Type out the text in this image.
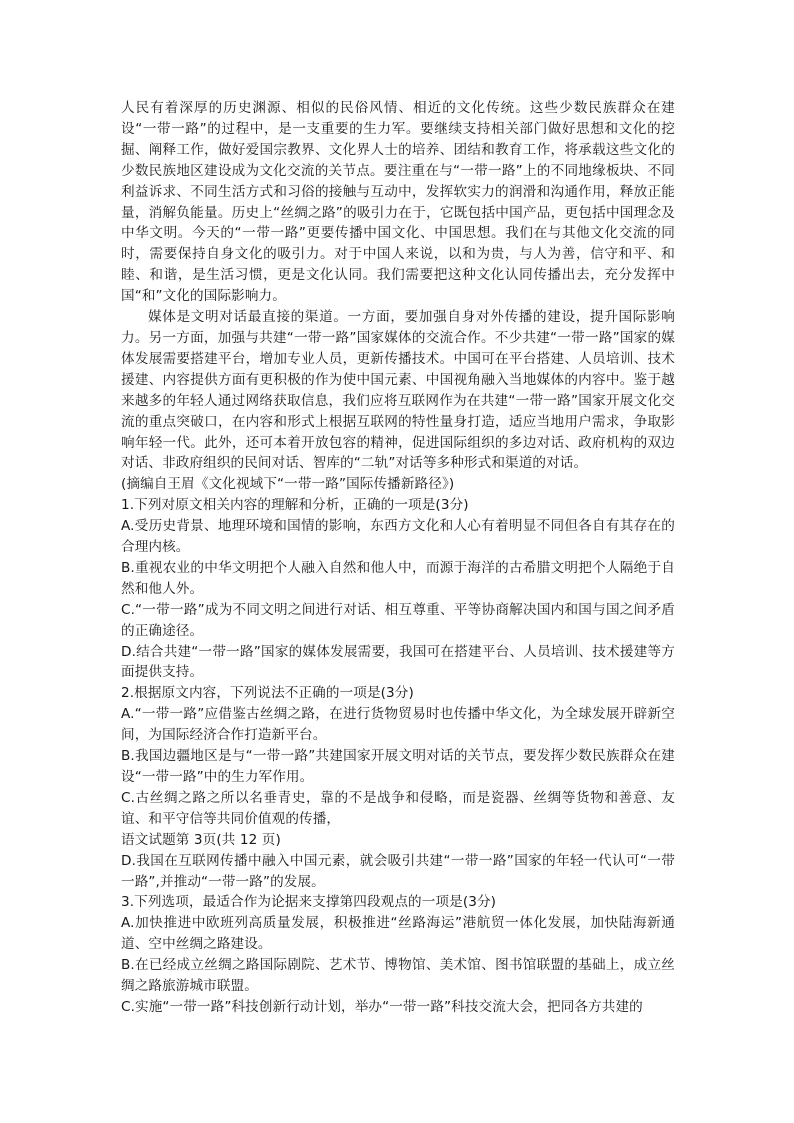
人民有着深厚的历史渊源、相似的民俗风情、相近的文化传统。这些少数民族群众在建设“一带一路”的过程中，是一支重要的生力军。要继续支持相关部门做好思想和文化的挖掘、阐释工作，做好爱国宗教界、文化界人士的培养、团结和教育工作，将承载这些文化的少数民族地区建设成为文化交流的关节点。要注重在与“一带一路”上的不同地缘板块、不同利益诉求、不同生活方式和习俗的接触与互动中，发挥软实力的润滑和沟通作用，释放正能量，消解负能量。历史上“丝绸之路”的吸引力在于，它既包括中国产品，更包括中国理念及中华文明。今天的“一带一路”更要传播中国文化、中国思想。我们在与其他文化交流的同时，需要保持自身文化的吸引力。对于中国人来说，以和为贵，与人为善，信守和平、和睦、和谐，是生活习惯，更是文化认同。我们需要把这种文化认同传播出去，充分发挥中国“和”文化的国际影响力。

媒体是文明对话最直接的渠道。一方面，要加强自身对外传播的建设，提升国际影响力。另一方面，加强与共建“一带一路”国家媒体的交流合作。不少共建“一带一路”国家的媒体发展需要搭建平台，增加专业人员，更新传播技术。中国可在平台搭建、人员培训、技术援建、内容提供方面有更积极的作为使中国元素、中国视角融入当地媒体的内容中。鉴于越来越多的年轻人通过网络获取信息，我们应将互联网作为在共建“一带一路”国家开展文化交流的重点突破口，在内容和形式上根据互联网的特性量身打造，适应当地用户需求，争取影响年轻一代。此外，还可本着开放包容的精神，促进国际组织的多边对话、政府机构的双边对话、非政府组织的民间对话、智库的“二轨”对话等多种形式和渠道的对话。

(摘编自王眉《文化视域下“一带一路”国际传播新路径》)

1.下列对原文相关内容的理解和分析，正确的一项是(3分)

A.受历史背景、地理环境和国情的影响，东西方文化和人心有着明显不同但各自有其存在的合理内核。

B.重视农业的中华文明把个人融入自然和他人中，而源于海洋的古希腊文明把个人隔绝于自然和他人外。

C.“一带一路”成为不同文明之间进行对话、相互尊重、平等协商解决国内和国与国之间矛盾的正确途径。

D.结合共建“一带一路”国家的媒体发展需要，我国可在搭建平台、人员培训、技术援建等方面提供支持。

2.根据原文内容，下列说法不正确的一项是(3分)

A.“一带一路”应借鉴古丝绸之路，在进行货物贸易时也传播中华文化，为全球发展开辟新空间，为国际经济合作打造新平台。

B.我国边疆地区是与“一带一路”共建国家开展文明对话的关节点，要发挥少数民族群众在建设“一带一路”中的生力军作用。

C.古丝绸之路之所以名垂青史，靠的不是战争和侵略，而是瓷器、丝绸等货物和善意、友谊、和平守信等共同价值观的传播，

语文试题第 3页(共 12 页)

D.我国在互联网传播中融入中国元素，就会吸引共建“一带一路”国家的年轻一代认可“一带一路”,并推动“一带一路”的发展。

3.下列选项，最适合作为论据来支撑第四段观点的一项是(3分)

A.加快推进中欧班列高质量发展，积极推进“丝路海运”港航贸一体化发展，加快陆海新通道、空中丝绸之路建设。

B.在已经成立丝绸之路国际剧院、艺术节、博物馆、美术馆、图书馆联盟的基础上，成立丝绸之路旅游城市联盟。

C.实施“一带一路”科技创新行动计划，举办“一带一路”科技交流大会，把同各方共建的
